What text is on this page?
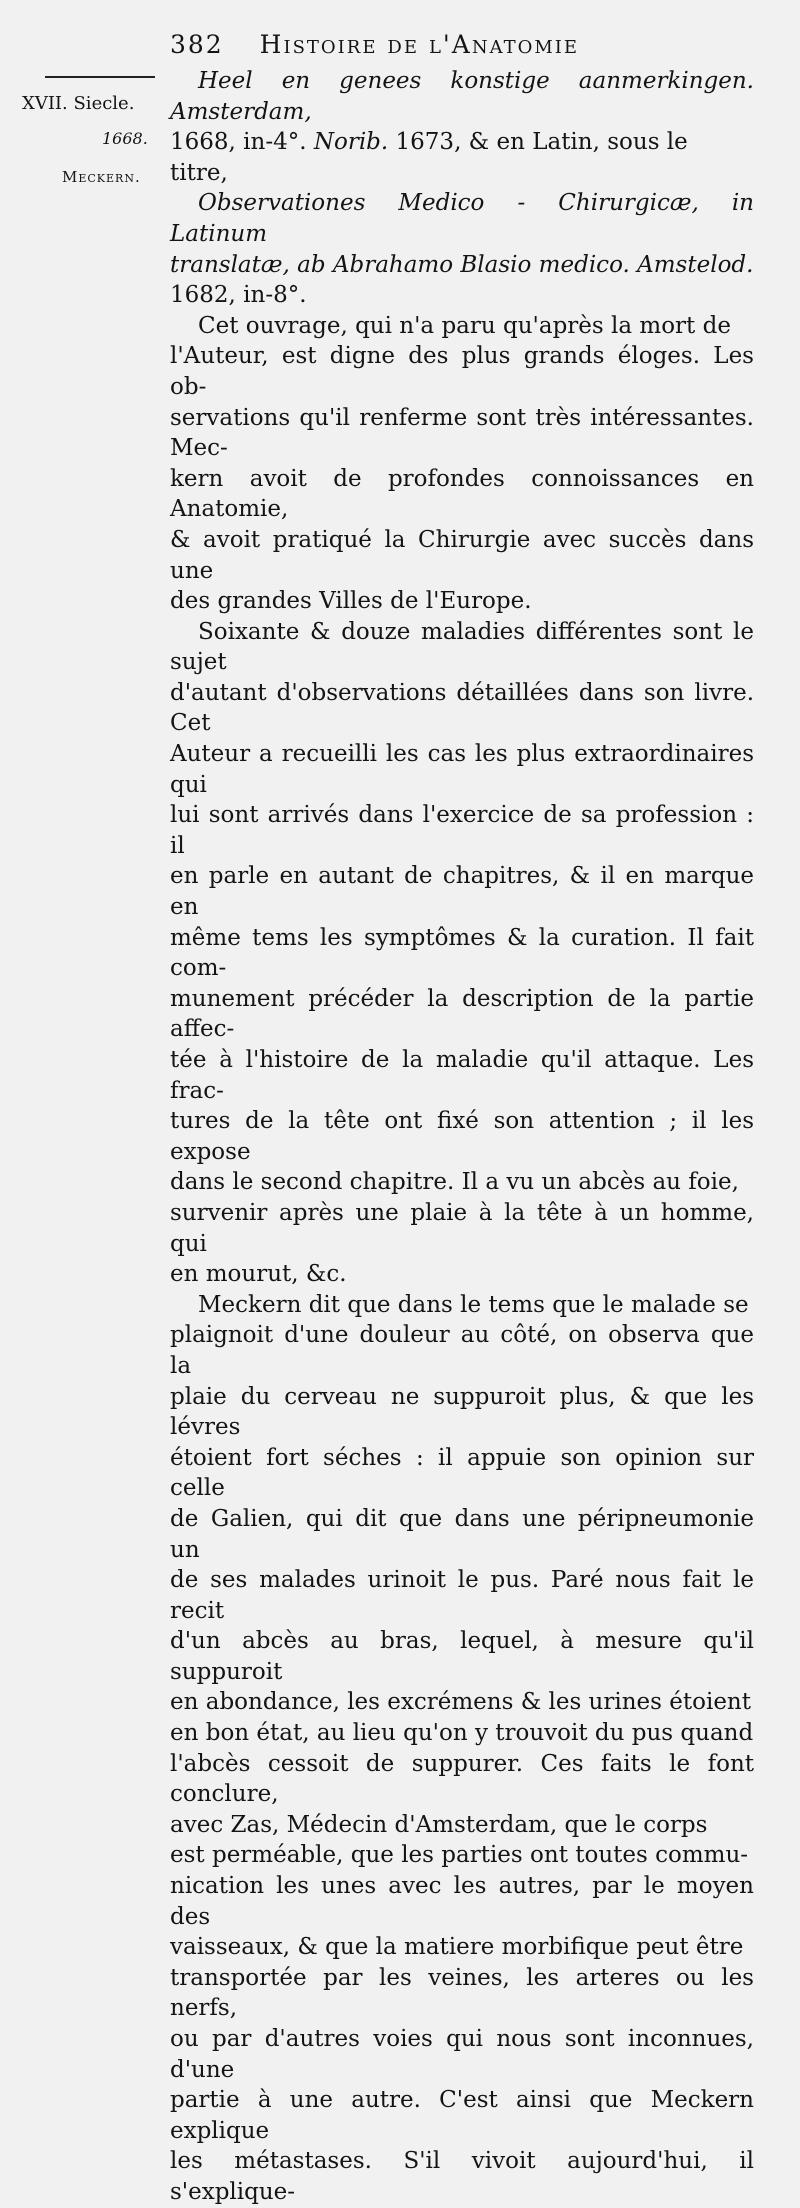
382 Histoire de l'Anatomie
XVII. Siecle.
1668.
Meckern.

Heel en genees konstige aanmerkingen. Amsterdam,
1668, in-4°. Norib. 1673, & en Latin, sous le
titre,
Observationes Medico - Chirurgicæ, in Latinum
translatæ, ab Abrahamo Blasio medico. Amstelod.
1682, in-8°.

Cet ouvrage, qui n'a paru qu'après la mort de
l'Auteur, est digne des plus grands éloges. Les ob-
servations qu'il renferme sont très intéressantes. Mec-
kern avoit de profondes connoissances en Anatomie,
& avoit pratiqué la Chirurgie avec succès dans une
des grandes Villes de l'Europe.

Soixante & douze maladies différentes sont le sujet
d'autant d'observations détaillées dans son livre. Cet
Auteur a recueilli les cas les plus extraordinaires qui
lui sont arrivés dans l'exercice de sa profession : il
en parle en autant de chapitres, & il en marque en
même tems les symptômes & la curation. Il fait com-
munement précéder la description de la partie affec-
tée à l'histoire de la maladie qu'il attaque. Les frac-
tures de la tête ont fixé son attention ; il les expose
dans le second chapitre. Il a vu un abcès au foie,
survenir après une plaie à la tête à un homme, qui
en mourut, &c.

Meckern dit que dans le tems que le malade se
plaignoit d'une douleur au côté, on observa que la
plaie du cerveau ne suppuroit plus, & que les lévres
étoient fort séches : il appuie son opinion sur celle
de Galien, qui dit que dans une péripneumonie un
de ses malades urinoit le pus. Paré nous fait le recit
d'un abcès au bras, lequel, à mesure qu'il suppuroit
en abondance, les excrémens & les urines étoient
en bon état, au lieu qu'on y trouvoit du pus quand
l'abcès cessoit de suppurer. Ces faits le font conclure,
avec Zas, Médecin d'Amsterdam, que le corps
est perméable, que les parties ont toutes commu-
nication les unes avec les autres, par le moyen des
vaisseaux, & que la matiere morbifique peut être
transportée par les veines, les arteres ou les nerfs,
ou par d'autres voies qui nous sont inconnues, d'une
partie à une autre. C'est ainsi que Meckern explique
les métastases. S'il vivoit aujourd'hui, il s'explique-
